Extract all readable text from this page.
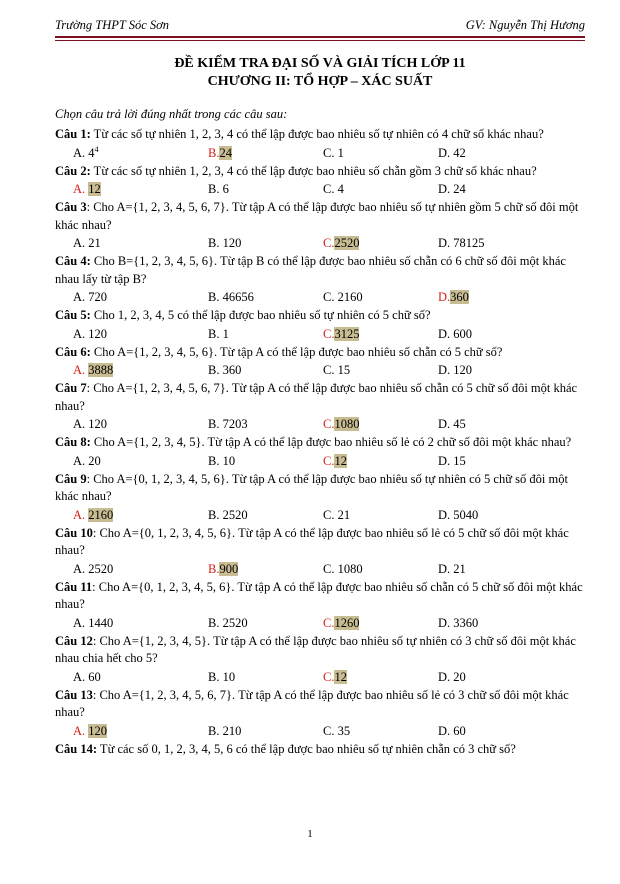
Trường THPT Sóc Sơn	GV: Nguyễn Thị Hương
ĐỀ KIỂM TRA ĐẠI SỐ VÀ GIẢI TÍCH LỚP 11
CHƯƠNG II: TỔ HỢP – XÁC SUẤT
Chọn câu trả lời đúng nhất trong các câu sau:
Câu 1: Từ các số tự nhiên 1, 2, 3, 4 có thể lập được bao nhiêu số tự nhiên có 4 chữ số khác nhau?
A. $4^4$	B.24	C. 1	D. 42
Câu 2: Từ các số tự nhiên 1, 2, 3, 4 có thể lập được bao nhiêu số chẵn gồm 3 chữ số khác nhau?
A. 12	B. 6	C. 4	D. 24
Câu 3: Cho A={1, 2, 3, 4, 5, 6, 7}. Từ tập A có thể lập được bao nhiêu số tự nhiên gồm 5 chữ số đôi một khác nhau?
A. 21	B. 120	C.2520	D. 78125
Câu 4: Cho B={1, 2, 3, 4, 5, 6}. Từ tập B có thể lập được bao nhiêu số chẵn có 6 chữ số đôi một khác nhau lấy từ tập B?
A. 720	B. 46656	C. 2160	D.360
Câu 5: Cho 1, 2, 3, 4, 5 có thể lập được bao nhiêu số tự nhiên có 5 chữ số?
A. 120	B. 1	C.3125	D. 600
Câu 6: Cho A={1, 2, 3, 4, 5, 6}. Từ tập A có thể lập được bao nhiêu số chẵn có 5 chữ số?
A. 3888	B. 360	C. 15	D. 120
Câu 7: Cho A={1, 2, 3, 4, 5, 6, 7}. Từ tập A có thể lập được bao nhiêu số chẵn có 5 chữ số đôi một khác nhau?
A. 120	B. 7203	C.1080	D. 45
Câu 8: Cho A={1, 2, 3, 4, 5}. Từ tập A có thể lập được bao nhiêu số lẻ có 2 chữ số đôi một khác nhau?
A. 20	B. 10	C.12	D. 15
Câu 9: Cho A={0, 1, 2, 3, 4, 5, 6}. Từ tập A có thể lập được bao nhiêu số tự nhiên có 5 chữ số đôi một khác nhau?
A. 2160	B. 2520	C. 21	D. 5040
Câu 10: Cho A={0, 1, 2, 3, 4, 5, 6}. Từ tập A có thể lập được bao nhiêu số lẻ có 5 chữ số đôi một khác nhau?
A. 2520	B.900	C. 1080	D. 21
Câu 11: Cho A={0, 1, 2, 3, 4, 5, 6}. Từ tập A có thể lập được bao nhiêu số chẵn có 5 chữ số đôi một khác nhau?
A. 1440	B. 2520	C.1260	D. 3360
Câu 12: Cho A={1, 2, 3, 4, 5}. Từ tập A có thể lập được bao nhiêu số tự nhiên có 3 chữ số đôi một khác nhau chia hết cho 5?
A. 60	B. 10	C.12	D. 20
Câu 13: Cho A={1, 2, 3, 4, 5, 6, 7}. Từ tập A có thể lập được bao nhiêu số lẻ có 3 chữ số đôi một khác nhau?
A. 120	B. 210	C. 35	D. 60
Câu 14: Từ các số 0, 1, 2, 3, 4, 5, 6 có thể lập được bao nhiêu số tự nhiên chẵn có 3 chữ số?
1
